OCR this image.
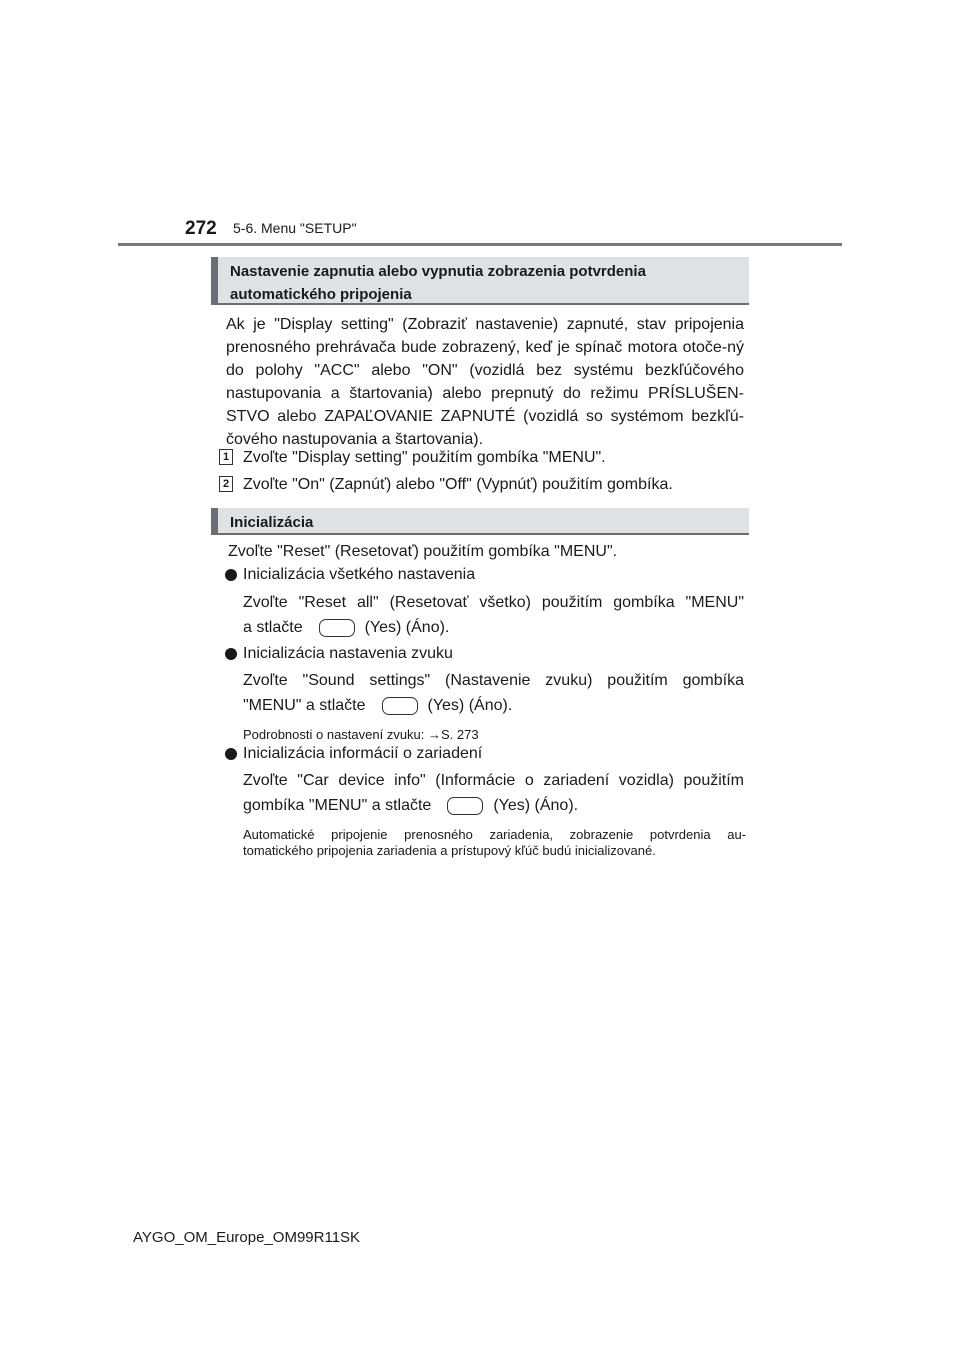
272 5-6. Menu "SETUP"
Nastavenie zapnutia alebo vypnutia zobrazenia potvrdenia
automatického pripojenia
Ak je "Display setting" (Zobraziť nastavenie) zapnuté, stav pripojenia prenosného prehrávača bude zobrazený, keď je spínač motora otoče-ný do polohy "ACC" alebo "ON" (vozidlá bez systému bezkľúčového nastupovania a štartovania) alebo prepnutý do režimu PRÍSLUŠEN-STVO alebo ZAPAĽOVANIE ZAPNUTÉ (vozidlá so systémom bezkľú-čového nastupovania a štartovania).
1 Zvoľte "Display setting" použitím gombíka "MENU".
2 Zvoľte "On" (Zapnúť) alebo "Off" (Vypnúť) použitím gombíka.
Inicializácia
Zvoľte "Reset" (Resetovať) použitím gombíka "MENU".
Inicializácia všetkého nastavenia
Zvoľte "Reset all" (Resetovať všetko) použitím gombíka "MENU"
a stlačte	(Yes) (Áno).
Inicializácia nastavenia zvuku
Zvoľte "Sound settings" (Nastavenie zvuku) použitím gombíka
"MENU" a stlačte	(Yes) (Áno).
Podrobnosti o nastavení zvuku: →S. 273
Inicializácia informácií o zariadení
Zvoľte "Car device info" (Informácie o zariadení vozidla) použitím
gombíka "MENU" a stlačte	(Yes) (Áno).
Automatické pripojenie prenosného zariadenia, zobrazenie potvrdenia au-
tomatického pripojenia zariadenia a prístupový kľúč budú inicializované.
AYGO_OM_Europe_OM99R11SK
